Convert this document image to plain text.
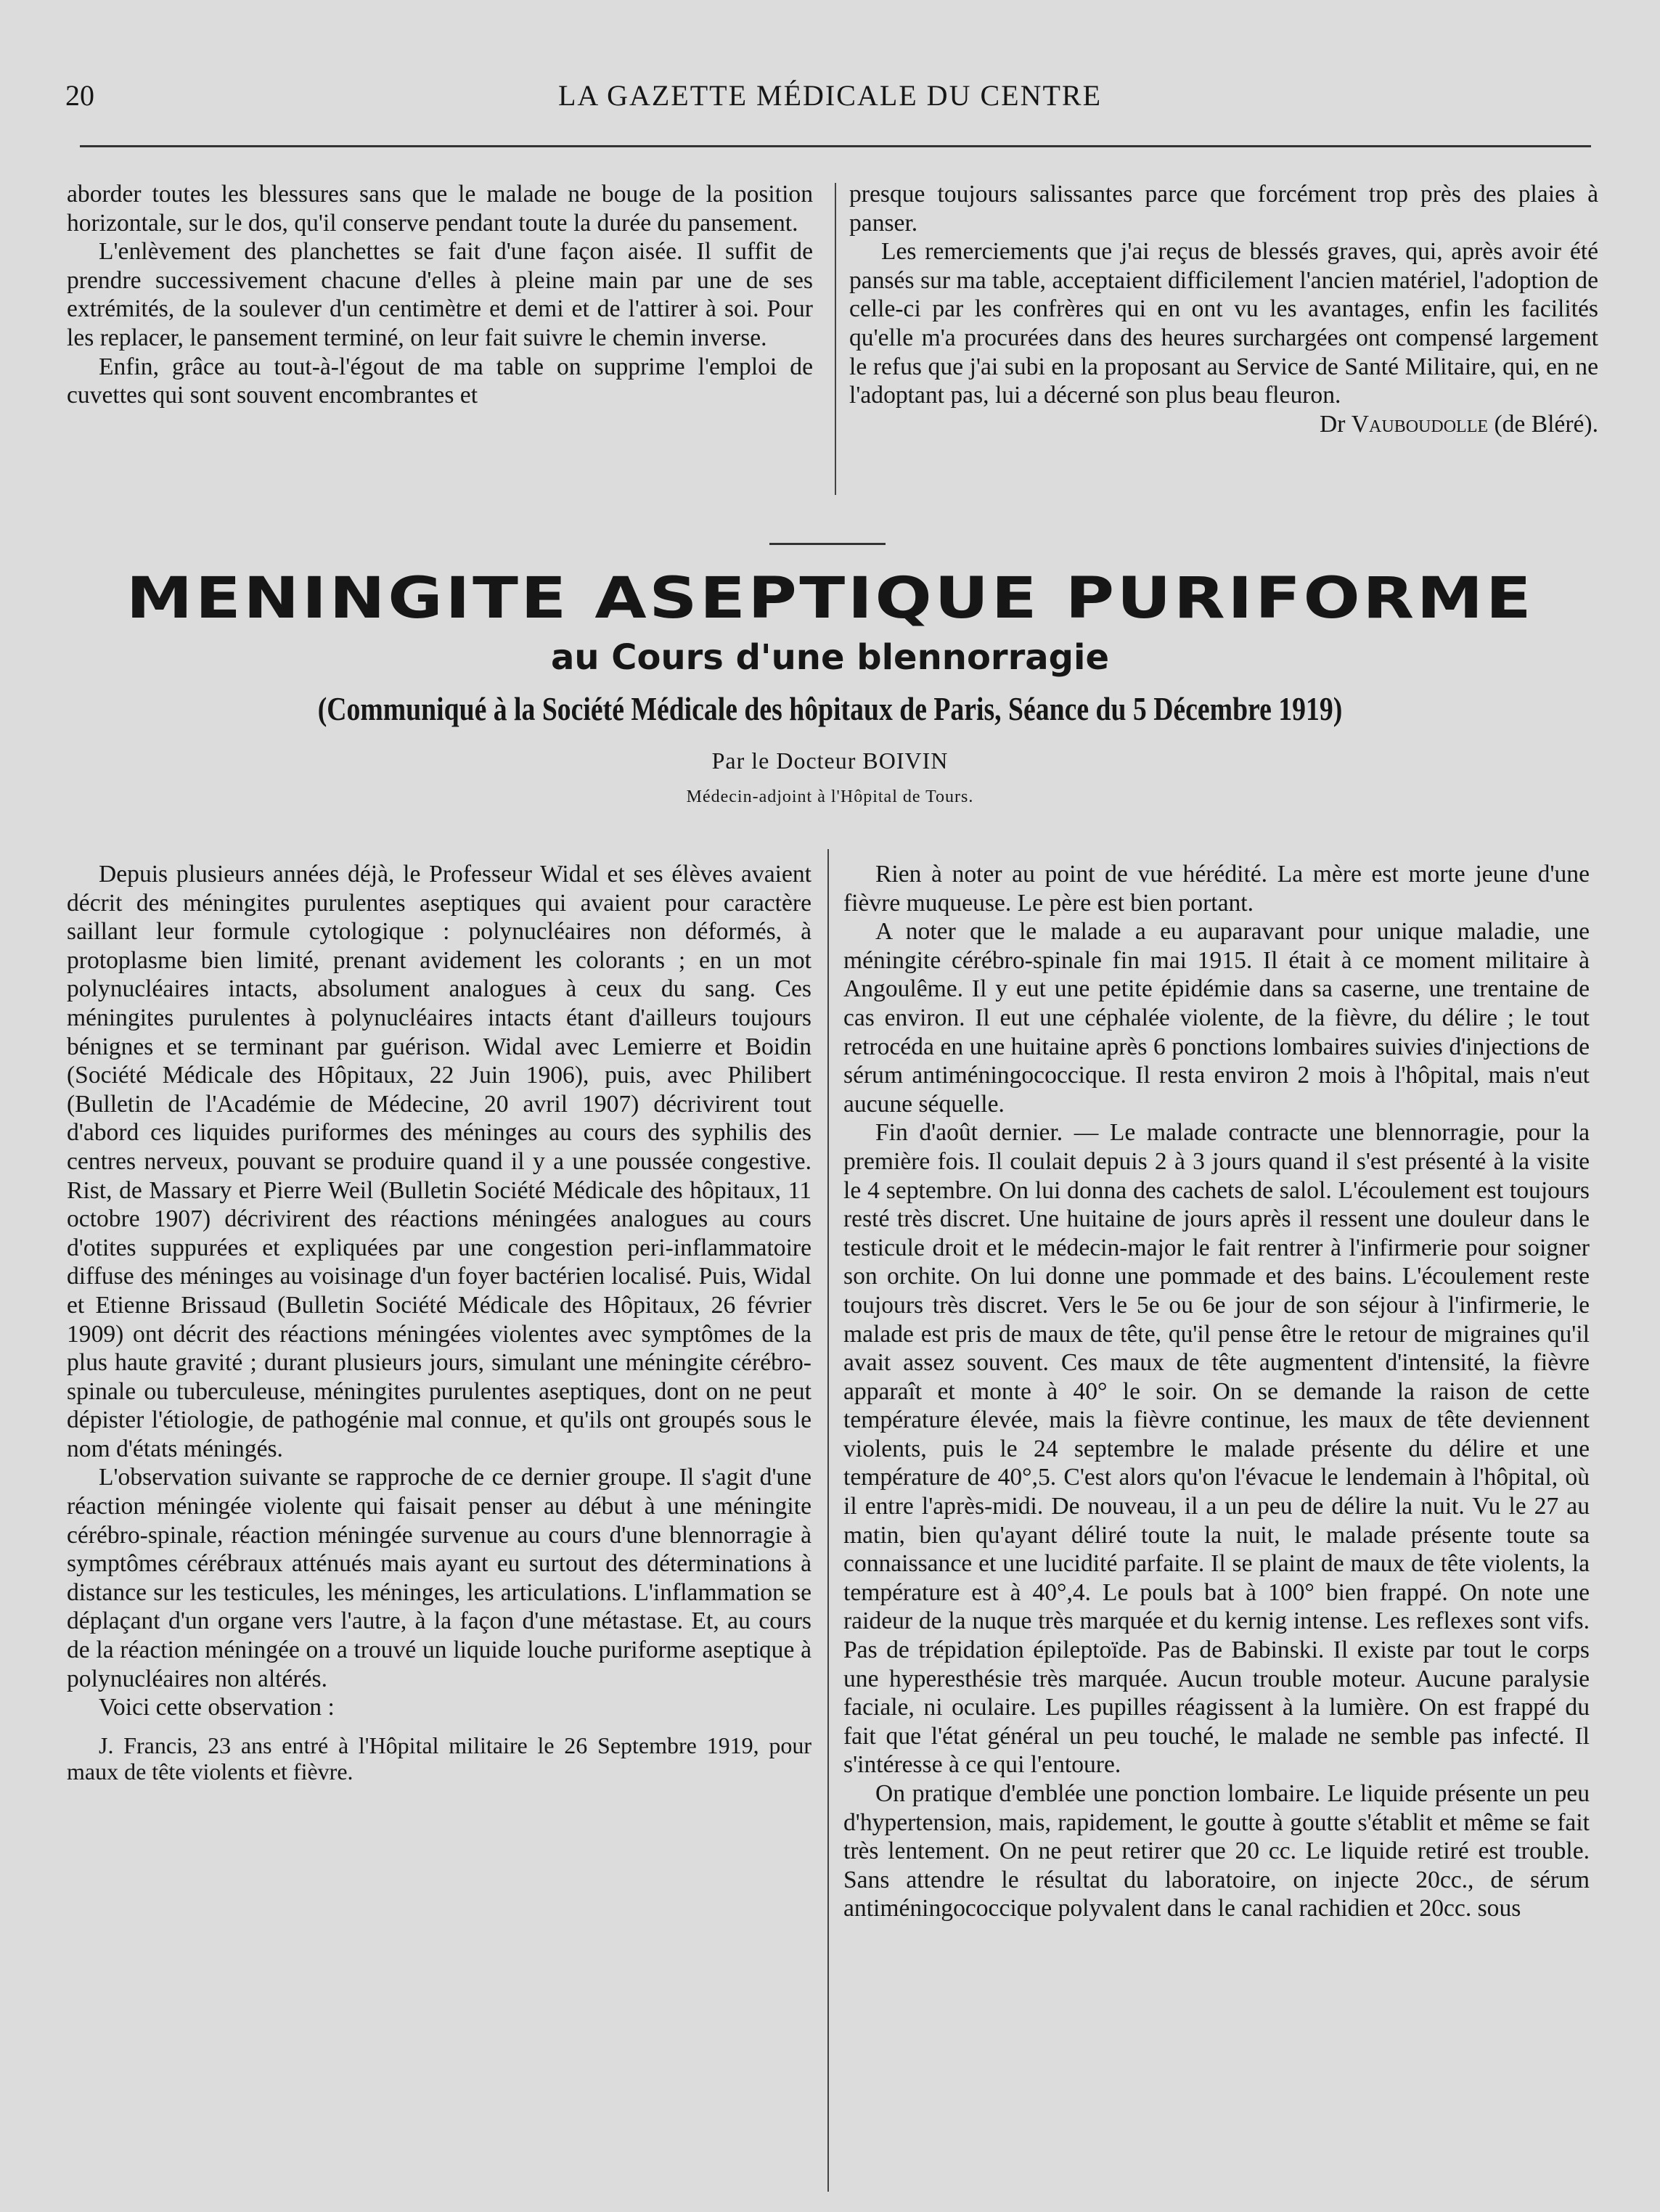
20	LA GAZETTE MÉDICALE DU CENTRE

aborder toutes les blessures sans que le malade ne bouge de la position horizontale, sur le dos, qu'il conserve pendant toute la durée du pansement.

L'enlèvement des planchettes se fait d'une façon aisée. Il suffit de prendre successivement chacune d'elles à pleine main par une de ses extrémités, de la soulever d'un centimètre et demi et de l'attirer à soi. Pour les replacer, le pansement terminé, on leur fait suivre le chemin inverse.

Enfin, grâce au tout-à-l'égout de ma table on supprime l'emploi de cuvettes qui sont souvent encombrantes et

presque toujours salissantes parce que forcément trop près des plaies à panser.

Les remerciements que j'ai reçus de blessés graves, qui, après avoir été pansés sur ma table, acceptaient difficilement l'ancien matériel, l'adoption de celle-ci par les confrères qui en ont vu les avantages, enfin les facilités qu'elle m'a procurées dans des heures surchargées ont compensé largement le refus que j'ai subi en la proposant au Service de Santé Militaire, qui, en ne l'adoptant pas, lui a décerné son plus beau fleuron.

Dr Vauboudolle (de Bléré).

MENINGITE ASEPTIQUE PURIFORME
au Cours d'une blennorragie
(Communiqué à la Société Médicale des hôpitaux de Paris, Séance du 5 Décembre 1919)
Par le Docteur BOIVIN
Médecin-adjoint à l'Hôpital de Tours.

Depuis plusieurs années déjà, le Professeur Widal et ses élèves avaient décrit des méningites purulentes aseptiques qui avaient pour caractère saillant leur formule cytologique : polynucléaires non déformés, à protoplasme bien limité, prenant avidement les colorants ; en un mot polynucléaires intacts, absolument analogues à ceux du sang. Ces méningites purulentes à polynucléaires intacts étant d'ailleurs toujours bénignes et se terminant par guérison. Widal avec Lemierre et Boidin (Société Médicale des Hôpitaux, 22 Juin 1906), puis, avec Philibert (Bulletin de l'Académie de Médecine, 20 avril 1907) décrivirent tout d'abord ces liquides puriformes des méninges au cours des syphilis des centres nerveux, pouvant se produire quand il y a une poussée congestive. Rist, de Massary et Pierre Weil (Bulletin Société Médicale des hôpitaux, 11 octobre 1907) décrivirent des réactions méningées analogues au cours d'otites suppurées et expliquées par une congestion peri-inflammatoire diffuse des méninges au voisinage d'un foyer bactérien localisé. Puis, Widal et Etienne Brissaud (Bulletin Société Médicale des Hôpitaux, 26 février 1909) ont décrit des réactions méningées violentes avec symptômes de la plus haute gravité ; durant plusieurs jours, simulant une méningite cérébro-spinale ou tuberculeuse, méningites purulentes aseptiques, dont on ne peut dépister l'étiologie, de pathogénie mal connue, et qu'ils ont groupés sous le nom d'états méningés.

L'observation suivante se rapproche de ce dernier groupe. Il s'agit d'une réaction méningée violente qui faisait penser au début à une méningite cérébro-spinale, réaction méningée survenue au cours d'une blennorragie à symptômes cérébraux atténués mais ayant eu surtout des déterminations à distance sur les testicules, les méninges, les articulations. L'inflammation se déplaçant d'un organe vers l'autre, à la façon d'une métastase. Et, au cours de la réaction méningée on a trouvé un liquide louche puriforme aseptique à polynucléaires non altérés.

Voici cette observation :

J. Francis, 23 ans entré à l'Hôpital militaire le 26 Septembre 1919, pour maux de tête violents et fièvre.

Rien à noter au point de vue hérédité. La mère est morte jeune d'une fièvre muqueuse. Le père est bien portant.

A noter que le malade a eu auparavant pour unique maladie, une méningite cérébro-spinale fin mai 1915. Il était à ce moment militaire à Angoulême. Il y eut une petite épidémie dans sa caserne, une trentaine de cas environ. Il eut une céphalée violente, de la fièvre, du délire ; le tout retrocéda en une huitaine après 6 ponctions lombaires suivies d'injections de sérum antiméningococcique. Il resta environ 2 mois à l'hôpital, mais n'eut aucune séquelle.

Fin d'août dernier. — Le malade contracte une blennorragie, pour la première fois. Il coulait depuis 2 à 3 jours quand il s'est présenté à la visite le 4 septembre. On lui donna des cachets de salol. L'écoulement est toujours resté très discret. Une huitaine de jours après il ressent une douleur dans le testicule droit et le médecin-major le fait rentrer à l'infirmerie pour soigner son orchite. On lui donne une pommade et des bains. L'écoulement reste toujours très discret. Vers le 5e ou 6e jour de son séjour à l'infirmerie, le malade est pris de maux de tête, qu'il pense être le retour de migraines qu'il avait assez souvent. Ces maux de tête augmentent d'intensité, la fièvre apparaît et monte à 40° le soir. On se demande la raison de cette température élevée, mais la fièvre continue, les maux de tête deviennent violents, puis le 24 septembre le malade présente du délire et une température de 40°,5. C'est alors qu'on l'évacue le lendemain à l'hôpital, où il entre l'après-midi. De nouveau, il a un peu de délire la nuit. Vu le 27 au matin, bien qu'ayant déliré toute la nuit, le malade présente toute sa connaissance et une lucidité parfaite. Il se plaint de maux de tête violents, la température est à 40°,4. Le pouls bat à 100° bien frappé. On note une raideur de la nuque très marquée et du kernig intense. Les reflexes sont vifs. Pas de trépidation épileptoïde. Pas de Babinski. Il existe par tout le corps une hyperesthésie très marquée. Aucun trouble moteur. Aucune paralysie faciale, ni oculaire. Les pupilles réagissent à la lumière. On est frappé du fait que l'état général un peu touché, le malade ne semble pas infecté. Il s'intéresse à ce qui l'entoure.

On pratique d'emblée une ponction lombaire. Le liquide présente un peu d'hypertension, mais, rapidement, le goutte à goutte s'établit et même se fait très lentement. On ne peut retirer que 20 cc. Le liquide retiré est trouble. Sans attendre le résultat du laboratoire, on injecte 20cc., de sérum antiméningococcique polyvalent dans le canal rachidien et 20cc. sous
